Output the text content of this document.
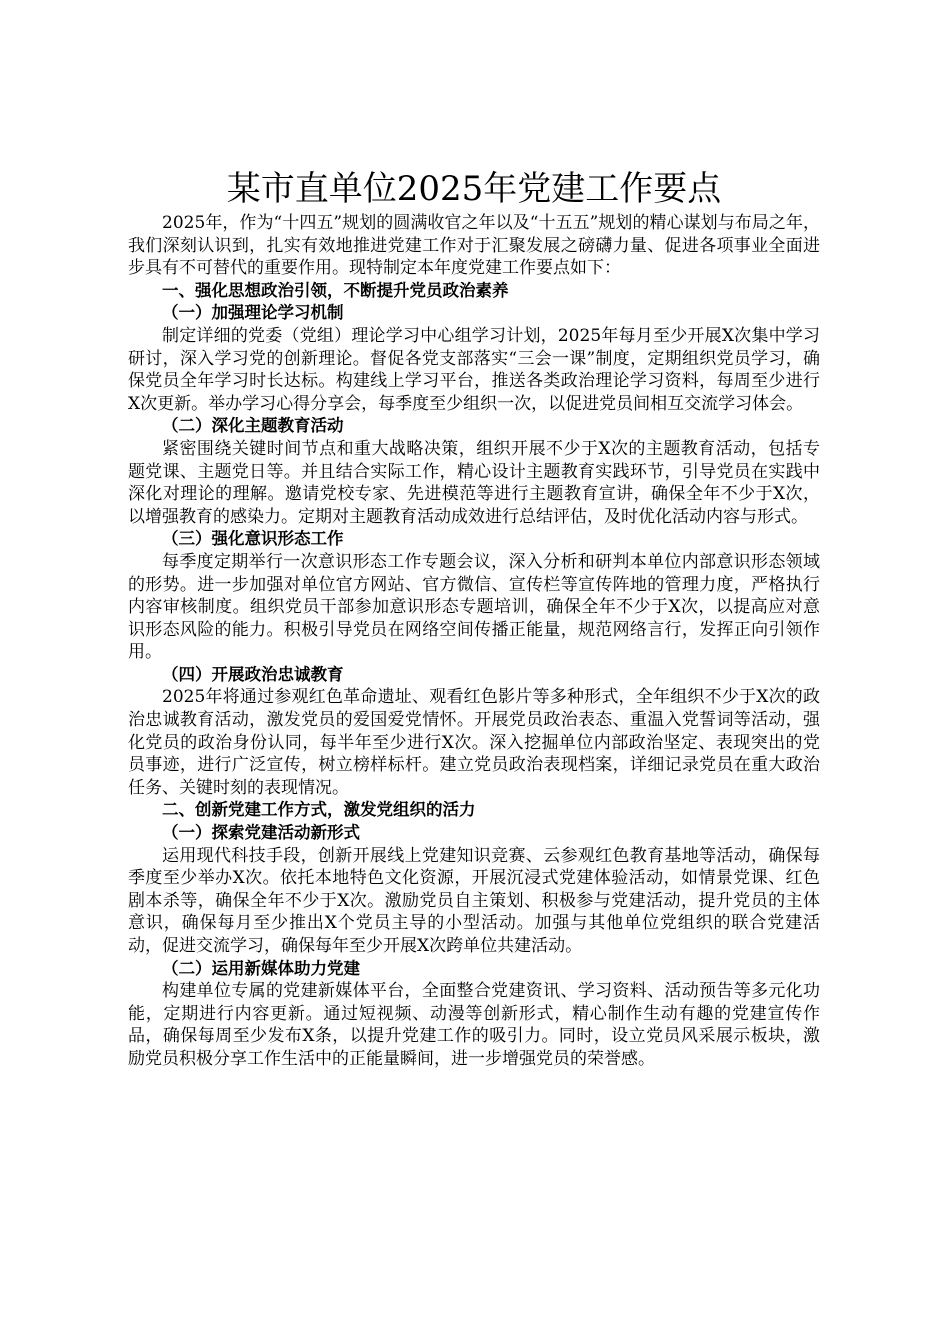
某市直单位2025年党建工作要点

2025年，作为“十四五”规划的圆满收官之年以及“十五五”规划的精心谋划与布局之年，我们深刻认识到，扎实有效地推进党建工作对于汇聚发展之磅礴力量、促进各项事业全面进步具有不可替代的重要作用。现特制定本年度党建工作要点如下：

一、强化思想政治引领，不断提升党员政治素养

（一）加强理论学习机制

制定详细的党委（党组）理论学习中心组学习计划，2025年每月至少开展X次集中学习研讨，深入学习党的创新理论。督促各党支部落实“三会一课”制度，定期组织党员学习，确保党员全年学习时长达标。构建线上学习平台，推送各类政治理论学习资料，每周至少进行X次更新。举办学习心得分享会，每季度至少组织一次，以促进党员间相互交流学习体会。

（二）深化主题教育活动

紧密围绕关键时间节点和重大战略决策，组织开展不少于X次的主题教育活动，包括专题党课、主题党日等。并且结合实际工作，精心设计主题教育实践环节，引导党员在实践中深化对理论的理解。邀请党校专家、先进模范等进行主题教育宣讲，确保全年不少于X次，以增强教育的感染力。定期对主题教育活动成效进行总结评估，及时优化活动内容与形式。

（三）强化意识形态工作

每季度定期举行一次意识形态工作专题会议，深入分析和研判本单位内部意识形态领域的形势。进一步加强对单位官方网站、官方微信、宣传栏等宣传阵地的管理力度，严格执行内容审核制度。组织党员干部参加意识形态专题培训，确保全年不少于X次，以提高应对意识形态风险的能力。积极引导党员在网络空间传播正能量，规范网络言行，发挥正向引领作用。

（四）开展政治忠诚教育

2025年将通过参观红色革命遗址、观看红色影片等多种形式，全年组织不少于X次的政治忠诚教育活动，激发党员的爱国爱党情怀。开展党员政治表态、重温入党誓词等活动，强化党员的政治身份认同，每半年至少进行X次。深入挖掘单位内部政治坚定、表现突出的党员事迹，进行广泛宣传，树立榜样标杆。建立党员政治表现档案，详细记录党员在重大政治任务、关键时刻的表现情况。

二、创新党建工作方式，激发党组织的活力

（一）探索党建活动新形式

运用现代科技手段，创新开展线上党建知识竞赛、云参观红色教育基地等活动，确保每季度至少举办X次。依托本地特色文化资源，开展沉浸式党建体验活动，如情景党课、红色剧本杀等，确保全年不少于X次。激励党员自主策划、积极参与党建活动，提升党员的主体意识，确保每月至少推出X个党员主导的小型活动。加强与其他单位党组织的联合党建活动，促进交流学习，确保每年至少开展X次跨单位共建活动。

（二）运用新媒体助力党建

构建单位专属的党建新媒体平台，全面整合党建资讯、学习资料、活动预告等多元化功能，定期进行内容更新。通过短视频、动漫等创新形式，精心制作生动有趣的党建宣传作品，确保每周至少发布X条，以提升党建工作的吸引力。同时，设立党员风采展示板块，激励党员积极分享工作生活中的正能量瞬间，进一步增强党员的荣誉感。
